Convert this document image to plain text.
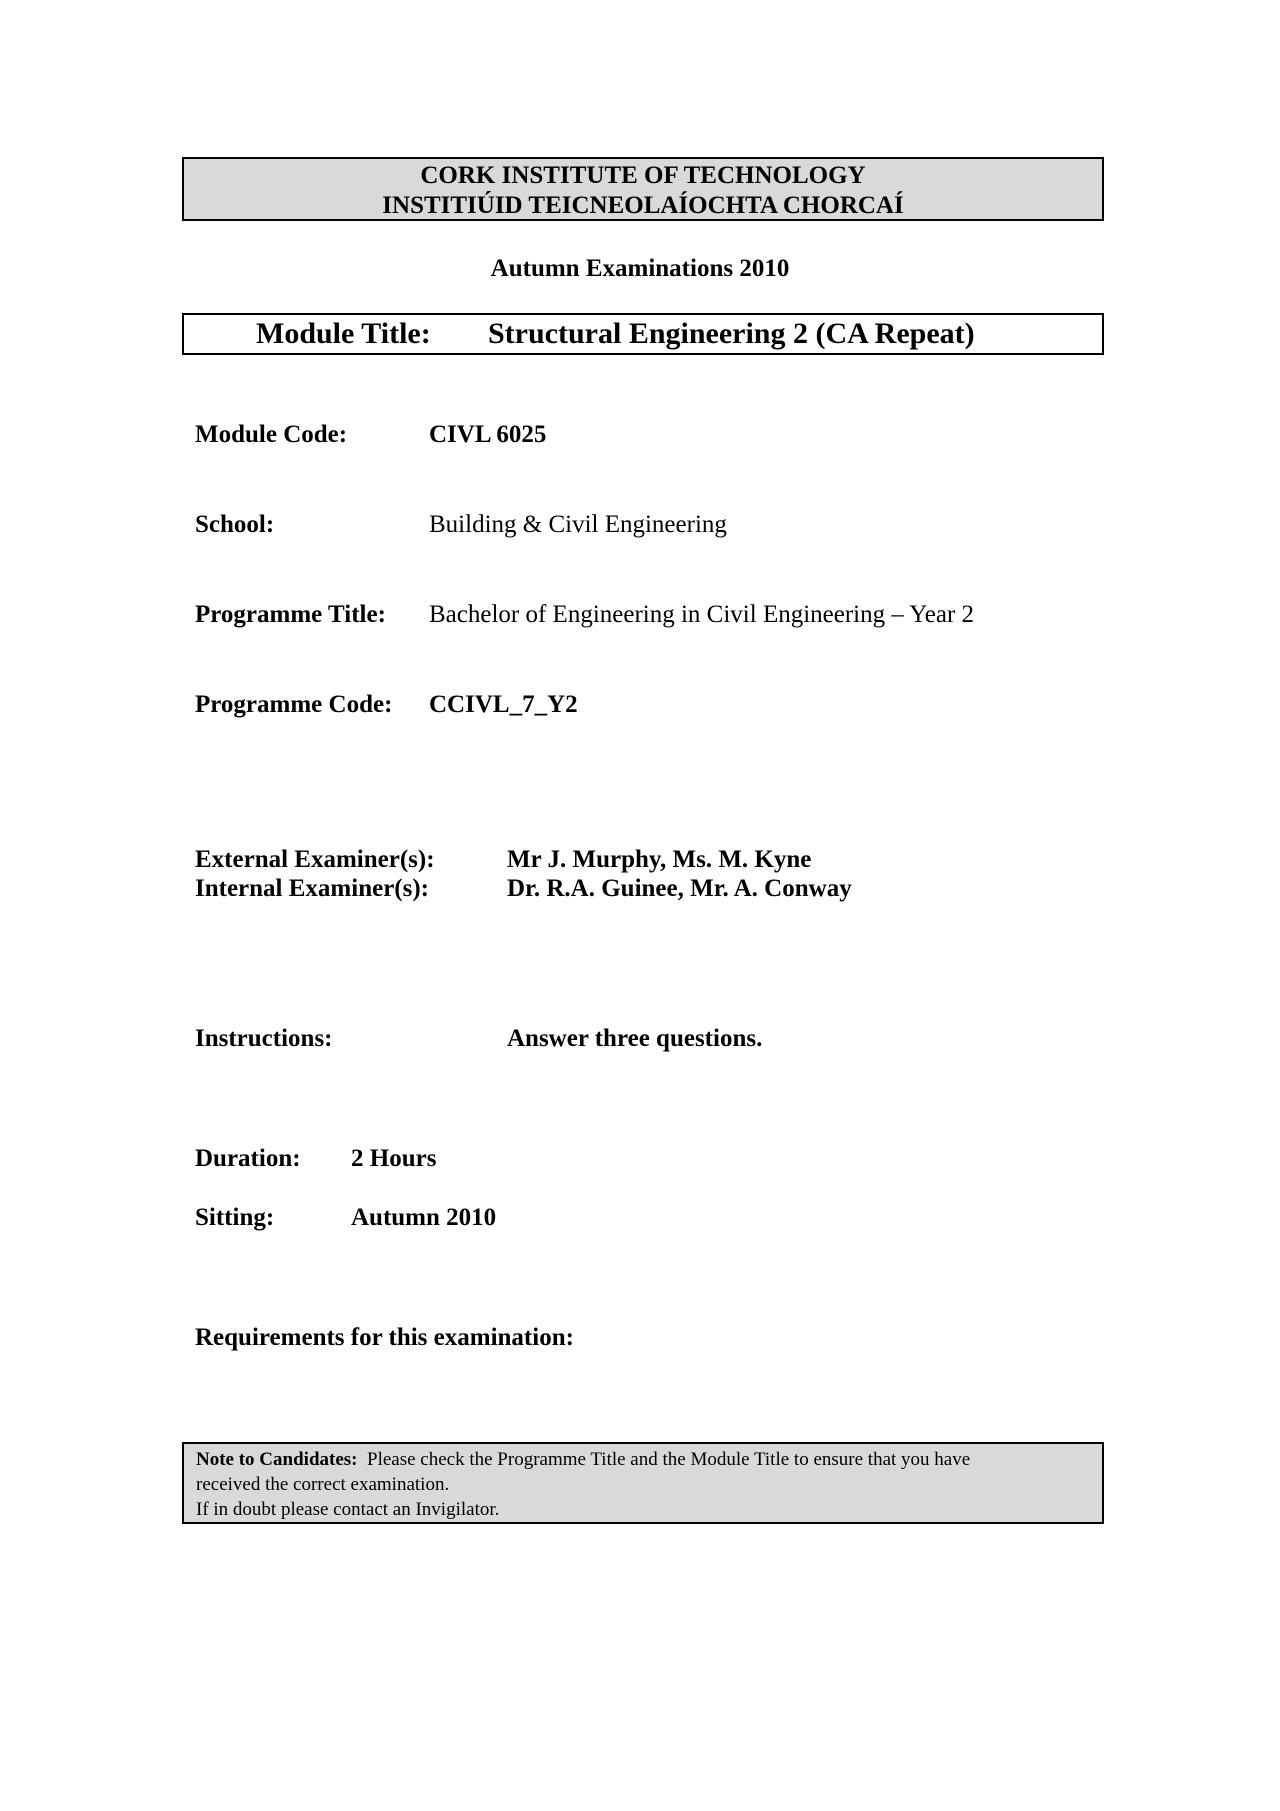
CORK INSTITUTE OF TECHNOLOGY
INSTITIÚID TEICNEOLAÍOCHTA CHORCAÍ
Autumn Examinations 2010
Module Title: Structural Engineering 2 (CA Repeat)
Module Code:	CIVL 6025
School:	Building & Civil Engineering
Programme Title: Bachelor of Engineering in Civil Engineering – Year 2
Programme Code: CCIVL_7_Y2
External Examiner(s):	Mr J. Murphy, Ms. M. Kyne
Internal Examiner(s):	Dr. R.A. Guinee, Mr. A. Conway
Instructions:	Answer three questions.
Duration: 2 Hours
Sitting:	Autumn 2010
Requirements for this examination:
Note to Candidates: Please check the Programme Title and the Module Title to ensure that you have
received the correct examination.
If in doubt please contact an Invigilator.
